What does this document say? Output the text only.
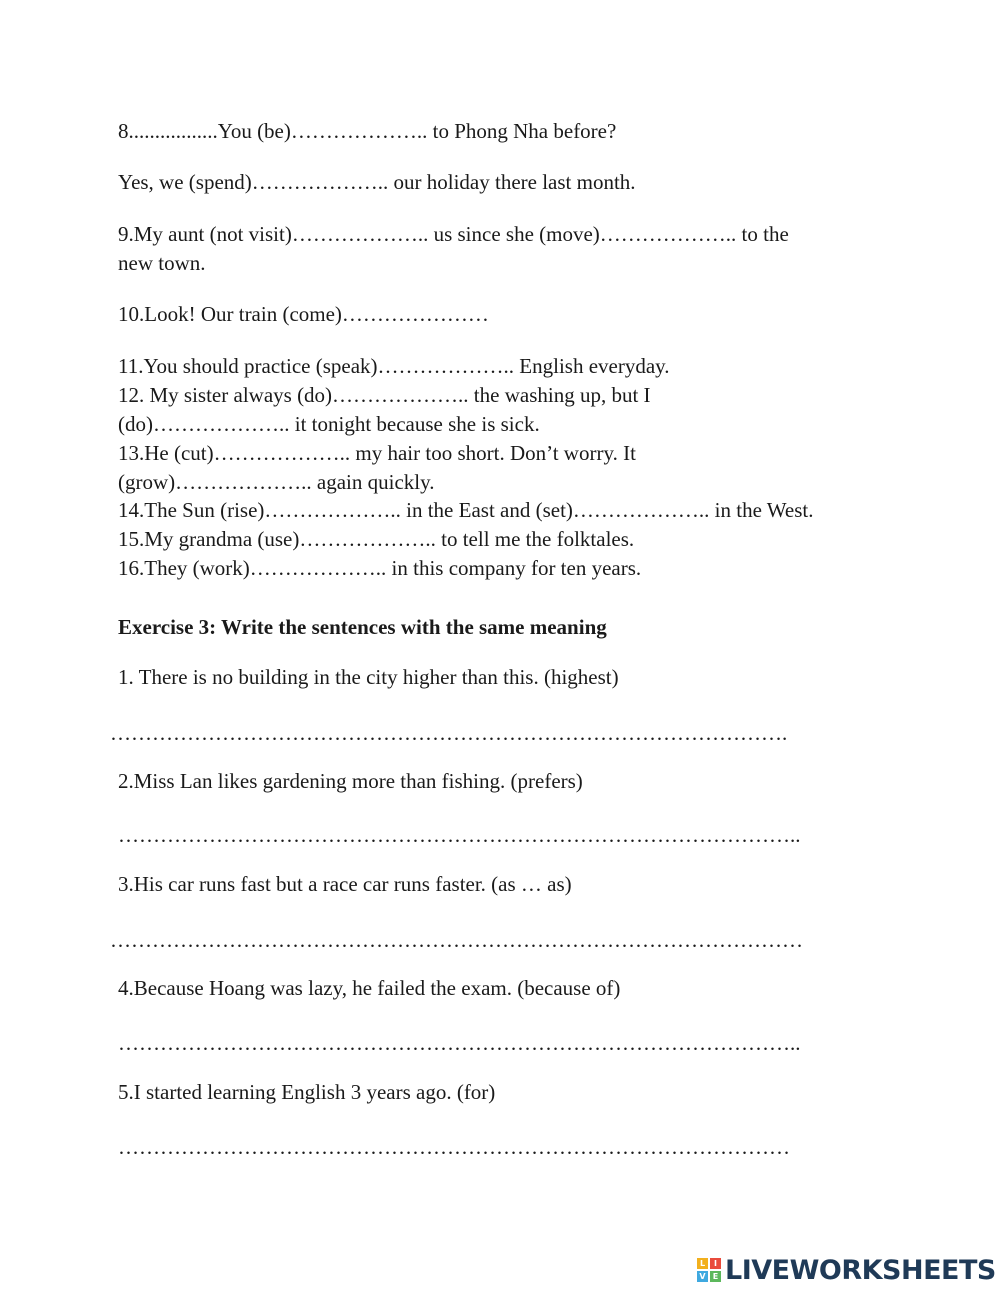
8.................You (be)……………….. to Phong Nha before?
Yes, we (spend)……………….. our holiday there last month.
9.My aunt (not visit)……………….. us since she (move)……………….. to the
new town.
10.Look! Our train (come)…………………
11.You should practice (speak)……………….. English everyday.
12. My sister always (do)……………….. the washing up, but I
(do)……………….. it tonight because she is sick.
13.He (cut)……………….. my hair too short. Don’t worry. It
(grow)……………….. again quickly.
14.The Sun (rise)……………….. in the East and (set)……………….. in the West.
15.My grandma (use)……………….. to tell me the folktales.
16.They (work)……………….. in this company for ten years.
Exercise 3: Write the sentences with the same meaning
1. There is no building in the city higher than this. (highest)
…………………………………………………………………………………….
2.Miss Lan likes gardening more than fishing. (prefers)
……………………………………………………………………………………..
3.His car runs fast but a race car runs faster. (as … as)
………………………………………………………………………………………
4.Because Hoang was lazy, he failed the exam. (because of)
……………………………………………………………………………………..
5.I started learning English 3 years ago. (for)
……………………………………………………………………………………
L	I
V E LIVEWORKSHEETS
